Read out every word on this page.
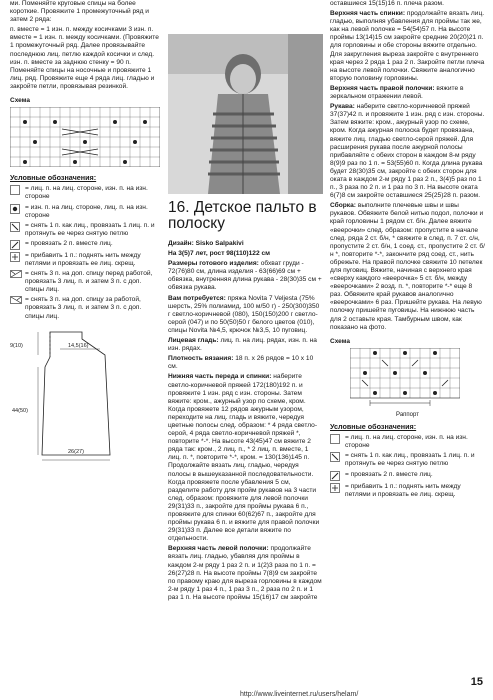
ми. Поменяйте круговые спицы на более короткие. Провяжите 1 промежуточный ряд и затем 2 ряда:

п. вместе = 1 изн. п. между косичками 3 изн. п. вместе = 1 изн. п. между косичками. (Провяжите 1 промежуточный ряд. Далее провязывайте последнюю лиц. петлю каждой косички и след. изн. п. вместе за заднюю стенку = 90 п. Поменяйте спицы на носочные и провяжите 1 лиц. ряд. Провяжите еще 4 ряда лиц. гладью и закройте петли, провязывая резинкой.

Схема
Условные обозначения:
= лиц. п. на лиц. стороне, изн. п. на изн. стороне
= изн. п. на лиц. стороне, лиц. п. на изн. стороне
= снять 1 п. как лиц., провязать 1 лиц. п. и протянуть ее через снятую петлю
= провязать 2 п. вместе лиц.
= прибавить 1 п.: поднять нить между петлями и провязать ее лиц. скрещ.
= снять 3 п. на доп. спицу перед работой, провязать 3 лиц. п. и затем 3 п. с доп. спицы лиц.
= снять 3 п. на доп. спицу за работой, провязать 3 лиц. п. и затем 3 п. с доп. спицы лиц.
9(10)	14,5(16)
44(50)
26(27)
16. Детское пальто в полоску

Дизайн: Sisko Salpakivi

На 3(5)7 лет, рост 98(110)122 см

Размеры готового изделия: обхват груди - 72(76)80 см, длина изделия - 63(66)69 см + обвязка, внутренняя длина рукава - 28(30)35 см + обвязка рукава.

Вам потребуется: пряжа Novita 7 Veljesta (75% шерсть, 25% полиамид, 100 м/50 г) - 250(300)350 г светло-коричневой (080), 150(150)200 г светло-серой (047) и по 50(50)50 г белого цветов (010), спицы Novita №4,5, крючок №3,5, 10 пуговиц.

Лицевая гладь: лиц. п. на лиц. рядах, изн. п. на изн. рядах.

Плотность вязания: 18 п. х 26 рядов = 10 х 10 см.

Нижняя часть переда и спинки: наберите светло-коричневой пряжей 172(180)192 п. и провяжите 1 изн. ряд с изн. стороны. Затем вяжите: кром., ажурный узор по схеме, кром. Когда провяжете 12 рядов ажурным узором, переходите на лиц. гладь и вяжите, чередуя цветные полосы след. образом: * 4 ряда светло-серой, 4 ряда светло-коричневой пряжей *, повторите *-*. На высоте 43(45)47 см вяжите 2 ряда так: кром., 2 лиц. п., * 2 лиц. п. вместе, 1 лиц. п. *, повторите *-*, кром. = 130(136)145 п. Продолжайте вязать лиц. гладью, чередуя полосы в вышеуказанной последовательности. Когда провяжете после убавления 5 см, разделите работу для пройм рукавов на 3 части след. образом: провяжите для левой полочки 29(31)33 п., закройте для проймы рукава 6 п., провяжите для спинки 60(62)67 п., закройте для проймы рукава 6 п. и вяжите для правой полочки 29(31)33 п. Далее все детали вяжите по отдельности.

Верхняя часть левой полочки: продолжайте вязать лиц. гладью, убавляя для проймы в каждом 2-м ряду 1 раз 2 п. и 1(2)3 раза по 1 п. = 26(27)28 п. На высоте проймы 7(8)9 см закройте по правому краю для выреза горловины в каждом 2-м ряду 1 раз 4 п., 1 раз 3 п., 2 раза по 2 п. и 1 раз 1 п. На высоте проймы 15(16)17 см закройте

оставшиеся 15(15)16 п. плеча разом.

Верхняя часть спинки: продолжайте вязать лиц. гладью, выполняя убавления для проймы так же, как на левой полочке = 54(54)57 п. На высоте проймы 13(14)15 см закройте средние 20(20)21 п. для горловины и обе стороны вяжите отдельно. Для закругления выреза закройте с внутреннего края через 2 ряда 1 раз 2 п. Закройте петли плеча на высоте левой полочки. Свяжите аналогично вторую половину горловины.

Верхняя часть правой полочки: вяжите в зеркальном отражении левой.

Рукава: наберите светло-коричневой пряжей 37(37)42 п. и провяжите 1 изн. ряд с изн. стороны. Затем вяжите: кром., ажурный узор по схеме, кром. Когда ажурная полоска будет провязана, вяжите лиц. гладью светло-серой пряжей. Для расширения рукава после ажурной полосы прибавляйте с обеих сторон в каждом 8-м ряду 8(9)9 раз по 1 п. = 53(55)60 п. Когда длина рукава будет 28(30)35 см, закройте с обеих сторон для оката в каждом 2-м ряду 1 раз 2 п., 3(4)5 раз по 1 п., 3 раза по 2 п. и 1 раз по 3 п. На высоте оката 6(7)8 см закройте оставшиеся 25(25)28 п. разом.

Сборка: выполните плечевые швы и швы рукавов. Обвяжите белой нитью подол, полочки и край горловины 1 рядом ст. б/н. Далее вяжите «веерочки» след. образом: пропустите в начале след. ряда 2 ст. б/н, * свяжите в след. п. 7 ст. с/н, пропустите 2 ст. б/н, 1 соед. ст., пропустите 2 ст. б/н *, повторите *-*, закончите ряд соед. ст., нить обрежьте. На правой полочке свяжите 10 петелек для пуговиц. Вяжите, начиная с верхнего края «сверху каждого «веерочка» 5 ст. б/н, между «веерочками» 2 возд. п. *, повторите *-* еще 8 раз. Обвяжите край рукавов аналогично «веерочками» 6 раз. Пришейте рукава. На левую полочку пришейте пуговицы. На нижнюю часть для 2 оставьте края. Тамбурным швом, как показано на фото.

Схема
Раппорт
Условные обозначения:
= лиц. п. на лиц. стороне, изн. п. на изн. стороне
= снять 1 п. как лиц., провязать 1 лиц. п. и протянуть ее через снятую петлю
= провязать 2 п. вместе лиц.
= прибавить 1 п.: поднять нить между петлями и провязать ее лиц. скрещ.
15
http://www.liveinternet.ru/users/helam/
